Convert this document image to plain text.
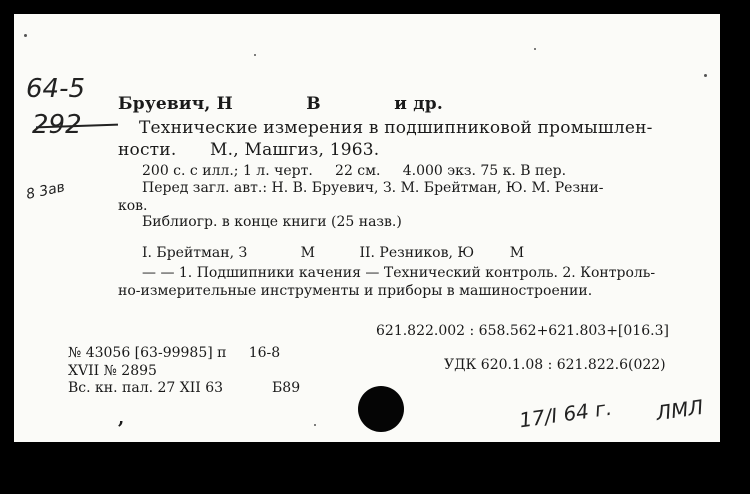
64-5
292
8 3ав
Бруевич, Н            В            и др.
Технические измерения в подшипниковой промышлен-
ности.      М., Машгиз, 1963.
200 с. с илл.; 1 л. черт.     22 см.     4.000 экз. 75 к. В пер.
Перед загл. авт.: Н. В. Бруевич, З. М. Брейтман, Ю. М. Резни-
ков.
Библиогр. в конце книги (25 назв.)
I. Брейтман, З            М          II. Резников, Ю        М
— — 1. Подшипники качения — Технический контроль. 2. Контроль-
но-измерительные инструменты и приборы в машиностроении.
621.822.002 : 658.562+621.803+[016.3]
№ 43056 [63-99985] п     16-8
УДК 620.1.08 : 621.822.6(022)
XVII № 2895
Вс. кн. пал. 27 XII 63	Б89
,	17/I 64 г. ЛМЛ
